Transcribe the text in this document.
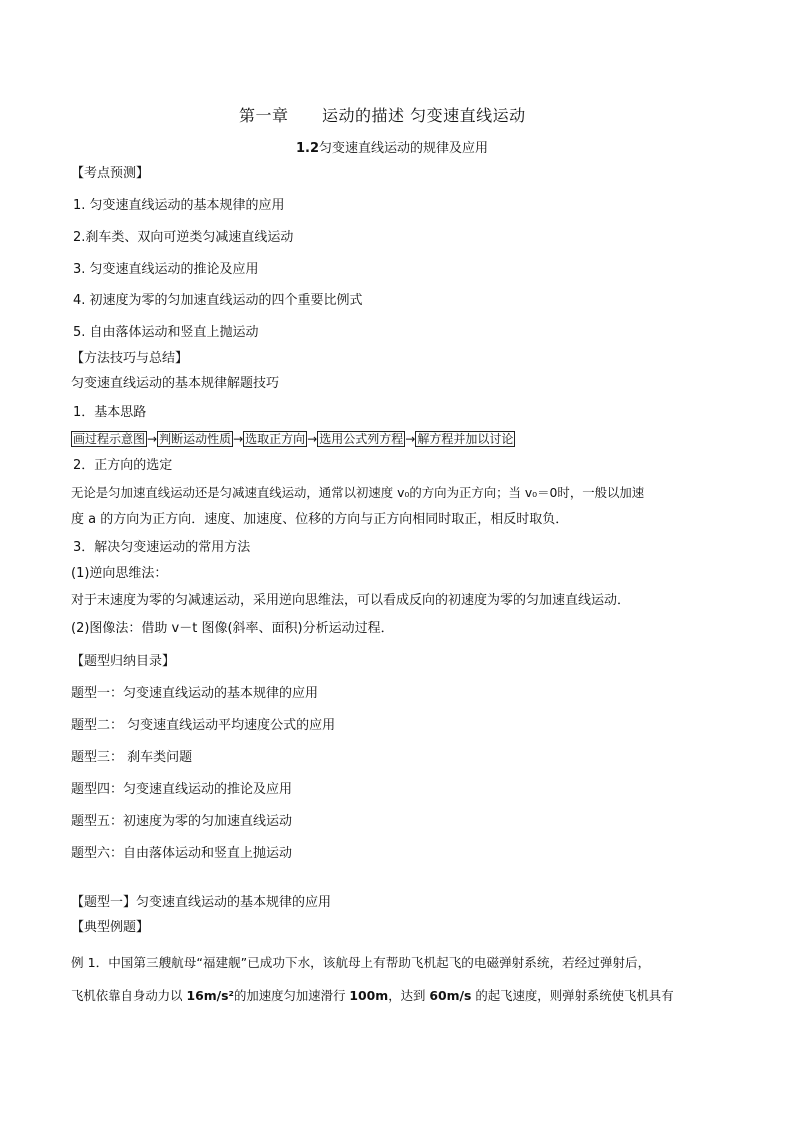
第一章 运动的描述 匀变速直线运动
1.2匀变速直线运动的规律及应用
【考点预测】
1. 匀变速直线运动的基本规律的应用
2.刹车类、双向可逆类匀减速直线运动
3. 匀变速直线运动的推论及应用
4. 初速度为零的匀加速直线运动的四个重要比例式
5. 自由落体运动和竖直上抛运动
【方法技巧与总结】
匀变速直线运动的基本规律解题技巧
1．基本思路
画过程示意图 → 判断运动性质 → 选取正方向 → 选用公式列方程 → 解方程并加以讨论
2．正方向的选定
无论是匀加速直线运动还是匀减速直线运动，通常以初速度 v₀的方向为正方向；当 v₀＝0时，一般以加速
度 a 的方向为正方向．速度、加速度、位移的方向与正方向相同时取正，相反时取负．
3．解决匀变速运动的常用方法
(1)逆向思维法：
对于末速度为零的匀减速运动，采用逆向思维法，可以看成反向的初速度为零的匀加速直线运动．
(2)图像法：借助 v－t 图像(斜率、面积)分析运动过程．
【题型归纳目录】
题型一：匀变速直线运动的基本规律的应用
题型二： 匀变速直线运动平均速度公式的应用
题型三： 刹车类问题
题型四：匀变速直线运动的推论及应用
题型五：初速度为零的匀加速直线运动
题型六：自由落体运动和竖直上抛运动
【题型一】匀变速直线运动的基本规律的应用
【典型例题】
例 1．中国第三艘航母“福建舰”已成功下水，该航母上有帮助飞机起飞的电磁弹射系统，若经过弹射后，
飞机依靠自身动力以 16m/s²的加速度匀加速滑行 100m，达到 60m/s 的起飞速度，则弹射系统使飞机具有
